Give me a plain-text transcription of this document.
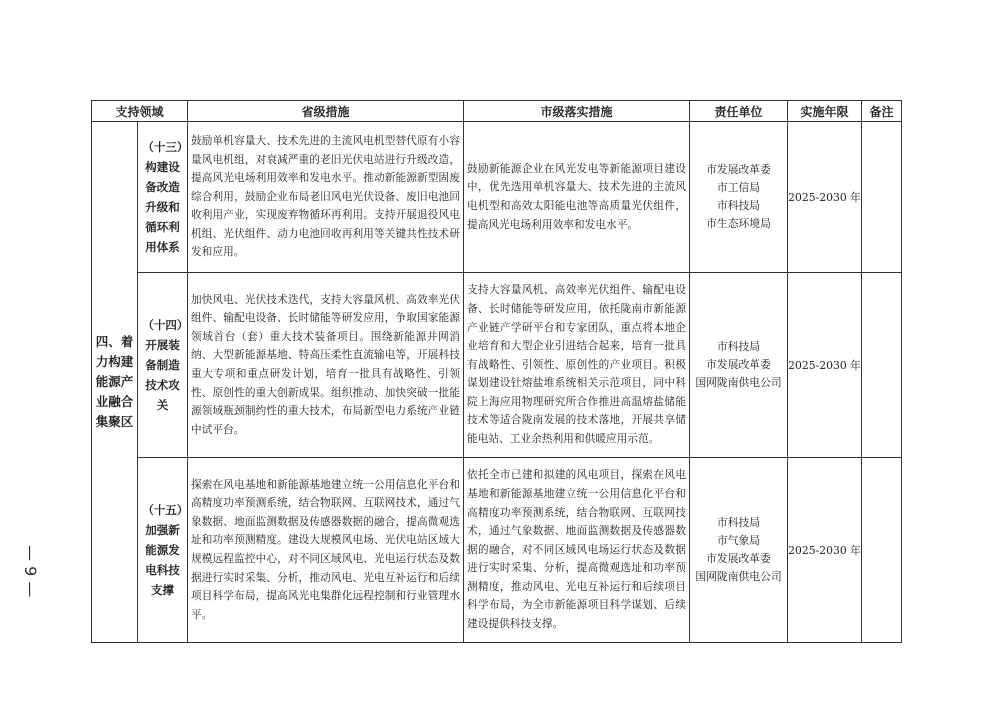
— 9 —
支持领域		省级措施	市级落实措施	责任单位	实施年限	备注
四、着力构建能源产业融合集聚区	（十三）构建设备改造升级和循环利用体系	鼓励单机容量大、技术先进的主流风电机型替代原有小容量风电机组，对衰减严重的老旧光伏电站进行升级改造，提高风光电场利用效率和发电水平。推动新能源新型固废综合利用，鼓励企业布局老旧风电光伏设备、废旧电池回收利用产业，实现废弃物循环再利用。支持开展退役风电机组、光伏组件、动力电池回收再利用等关键共性技术研发和应用。	鼓励新能源企业在风光发电等新能源项目建设中，优先选用单机容量大、技术先进的主流风电机型和高效太阳能电池等高质量光伏组件，提高风光电场利用效率和发电水平。	市发展改革委
市工信局
市科技局
市生态环境局	2025-2030 年	
	（十四）开展装备制造技术攻关	加快风电、光伏技术迭代，支持大容量风机、高效率光伏组件、输配电设备、长时储能等研发应用，争取国家能源领域首台（套）重大技术装备项目。围绕新能源并网消纳、大型新能源基地、特高压柔性直流输电等，开展科技重大专项和重点研发计划，培育一批具有战略性、引领性、原创性的重大创新成果。组织推动、加快突破一批能源领域瓶颈制约性的重大技术，布局新型电力系统产业链中试平台。	支持大容量风机、高效率光伏组件、输配电设备、长时储能等研发应用，依托陇南市新能源产业链产学研平台和专家团队，重点将本地企业培育和大型企业引进结合起来，培育一批具有战略性、引领性、原创性的产业项目。积极谋划建设钍熔盐堆系统相关示范项目，同中科院上海应用物理研究所合作推进高温熔盐储能技术等适合陇南发展的技术落地，开展共享储能电站、工业余热利用和供暖应用示范。	市科技局
市发展改革委
国网陇南供电公司	2025-2030 年	
	（十五）加强新能源发电科技支撑	探索在风电基地和新能源基地建立统一公用信息化平台和高精度功率预测系统，结合物联网、互联网技术，通过气象数据、地面监测数据及传感器数据的融合，提高微观选址和功率预测精度。建设大规模风电场、光伏电站区域大规模远程监控中心，对不同区域风电、光电运行状态及数据进行实时采集、分析，推动风电、光电互补运行和后续项目科学布局，提高风光电集群化远程控制和行业管理水平。	依托全市已建和拟建的风电项目，探索在风电基地和新能源基地建立统一公用信息化平台和高精度功率预测系统，结合物联网、互联网技术，通过气象数据、地面监测数据及传感器数据的融合，对不同区域风电场运行状态及数据进行实时采集、分析，提高微观选址和功率预测精度，推动风电、光电互补运行和后续项目科学布局，为全市新能源项目科学谋划、后续建设提供科技支撑。	市科技局
市气象局
市发展改革委
国网陇南供电公司	2025-2030 年	
